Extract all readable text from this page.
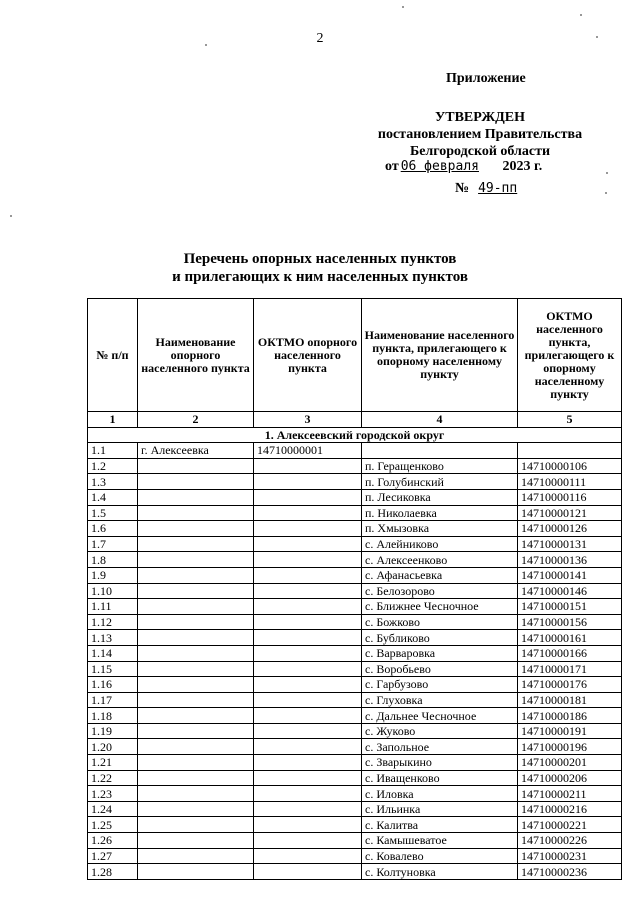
2
Приложение
УТВЕРЖДЕН
постановлением Правительства
Белгородской области
от 06 февраля 2023 г.
№ 49-пп
Перечень опорных населенных пунктов
и прилегающих к ним населенных пунктов
№ п/п	Наименование опорного населенного пункта	ОКТМО опорного населенного пункта	Наименование населенного пункта, прилегающего к опорному населенному пункту	ОКТМО населенного пункта, прилегающего к опорному населенному пункту
1	2	3	4	5
1. Алексеевский городской округ				
1.1	г. Алексеевка	14710000001		
1.2			п. Геращенково	14710000106
1.3			п. Голубинский	14710000111
1.4			п. Лесиковка	14710000116
1.5			п. Николаевка	14710000121
1.6			п. Хмызовка	14710000126
1.7			с. Алейниково	14710000131
1.8			с. Алексеенково	14710000136
1.9			с. Афанасьевка	14710000141
1.10			с. Белозорово	14710000146
1.11			с. Ближнее Чесночное	14710000151
1.12			с. Божково	14710000156
1.13			с. Бубликово	14710000161
1.14			с. Варваровка	14710000166
1.15			с. Воробьево	14710000171
1.16			с. Гарбузово	14710000176
1.17			с. Глуховка	14710000181
1.18			с. Дальнее Чесночное	14710000186
1.19			с. Жуково	14710000191
1.20			с. Запольное	14710000196
1.21			с. Зварыкино	14710000201
1.22			с. Иващенково	14710000206
1.23			с. Иловка	14710000211
1.24			с. Ильинка	14710000216
1.25			с. Калитва	14710000221
1.26			с. Камышеватое	14710000226
1.27			с. Ковалево	14710000231
1.28			с. Колтуновка	14710000236
